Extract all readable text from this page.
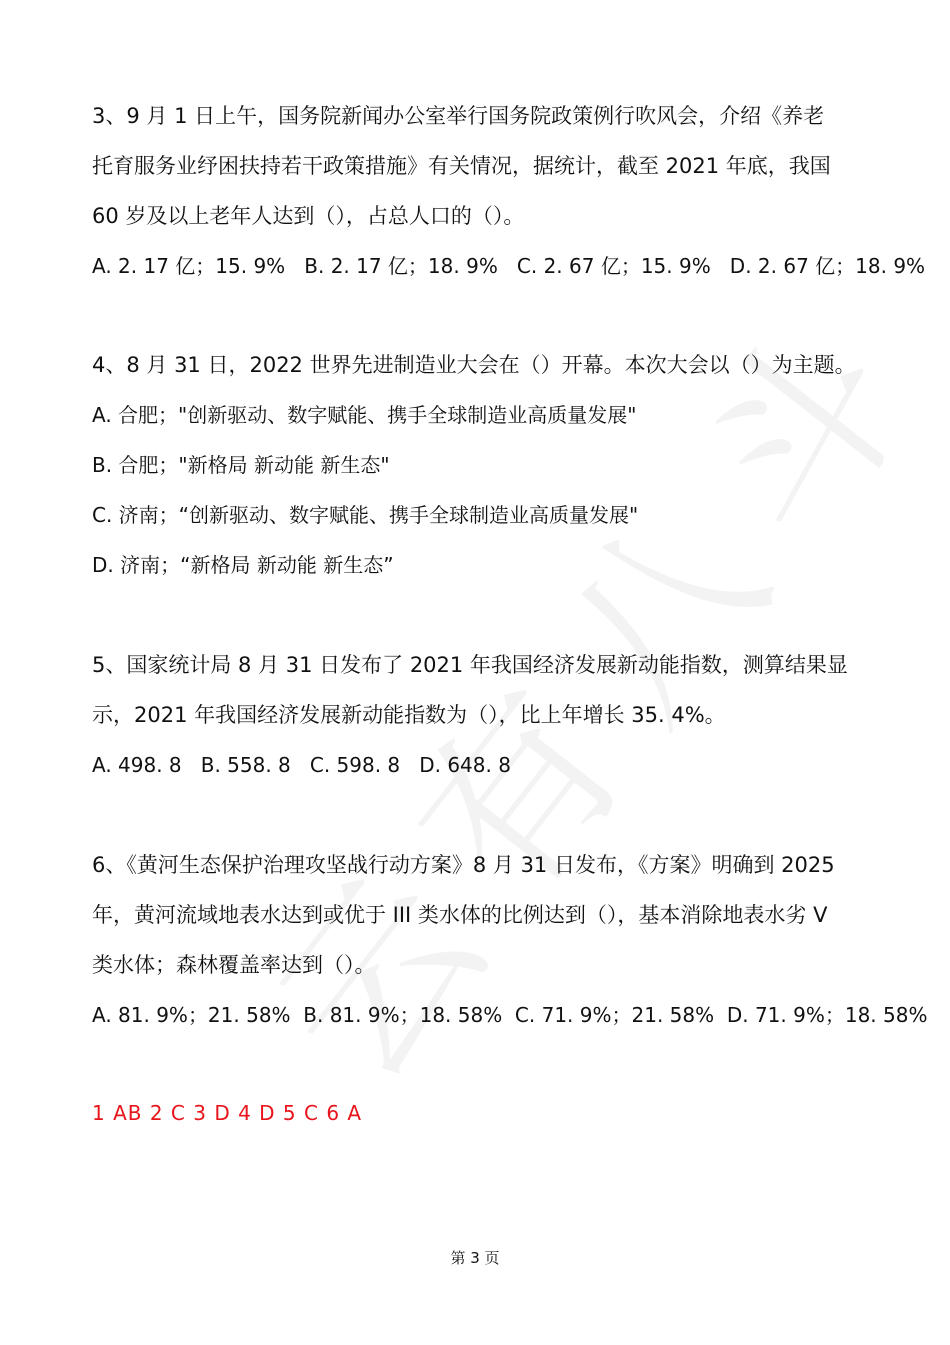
3、9 月 1 日上午，国务院新闻办公室举行国务院政策例行吹风会，介绍《养老
托育服务业纾困扶持若干政策措施》有关情况，据统计，截至 2021 年底，我国
60 岁及以上老年人达到（），占总人口的（）。
A. 2. 17 亿；15. 9%   B. 2. 17 亿；18. 9%   C. 2. 67 亿；15. 9%   D. 2. 67 亿；18. 9%
4、8 月 31 日，2022 世界先进制造业大会在（）开幕。本次大会以（）为主题。
A. 合肥；"创新驱动、数字赋能、携手全球制造业高质量发展"
B. 合肥；"新格局 新动能 新生态"
C. 济南；“创新驱动、数字赋能、携手全球制造业高质量发展"
D. 济南；“新格局 新动能 新生态”
5、国家统计局 8 月 31 日发布了 2021 年我国经济发展新动能指数，测算结果显
示，2021 年我国经济发展新动能指数为（），比上年增长 35. 4%。
A. 498. 8   B. 558. 8   C. 598. 8   D. 648. 8
6、《黄河生态保护治理攻坚战行动方案》8 月 31 日发布，《方案》明确到 2025
年，黄河流域地表水达到或优于 III 类水体的比例达到（），基本消除地表水劣 V
类水体；森林覆盖率达到（）。
A. 81. 9%；21. 58%  B. 81. 9%；18. 58%  C. 71. 9%；21. 58%  D. 71. 9%；18. 58%
1 AB 2 C 3 D 4 D 5 C 6 A
第 3 页
